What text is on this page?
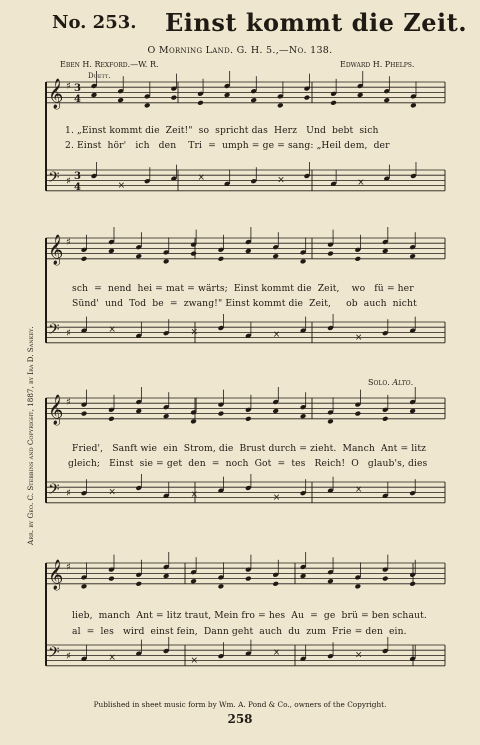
No. 253. Einst kommt die Zeit.
O Morning Land. G. H. 5.,—No. 138.
Eben H. Rexford.—W. R.	Edward H. Phelps.
Duett.
𝄞 ♯ 3
4
𝄢 ♯ 3
4	×
×	×	×
𝄞 ♯
𝄢 ♯	×	×	×	×
𝄞 ♯
𝄢 ♯	×	×	×
×
𝄞 ♯
𝄢 ♯	×	×
×	×
1. „Einst kommt die  Zeit!"  so  spricht das  Herz   Und  bebt  sich
2. Einst  hör'   ich   den    Tri  =  umph = ge = sang: „Heil dem,  der
sch  =  nend  hei = mat = wärts;  Einst kommt die  Zeit,    wo   fü = her
Sünd'  und  Tod  be  =  zwang!" Einst kommt die  Zeit,     ob  auch  nicht
Solo. Alto.
Fried',   Sanft wie  ein  Strom, die  Brust durch = zieht.  Manch  Ant = litz
gleich;   Einst  sie = get  den  =  noch  Got  =  tes   Reich!  O   glaub's, dies
lieb,  manch  Ant = litz traut, Mein fro = hes  Au  =  ge  brü = ben schaut.
al  =  les   wird  einst fein,  Dann geht  auch  du  zum  Frie = den  ein.
Arr. by Geo. C. Stebbins and Copyright, 1887, by Ira D. Sankey.
Published in sheet music form by Wm. A. Pond & Co., owners of the Copyright.
258
